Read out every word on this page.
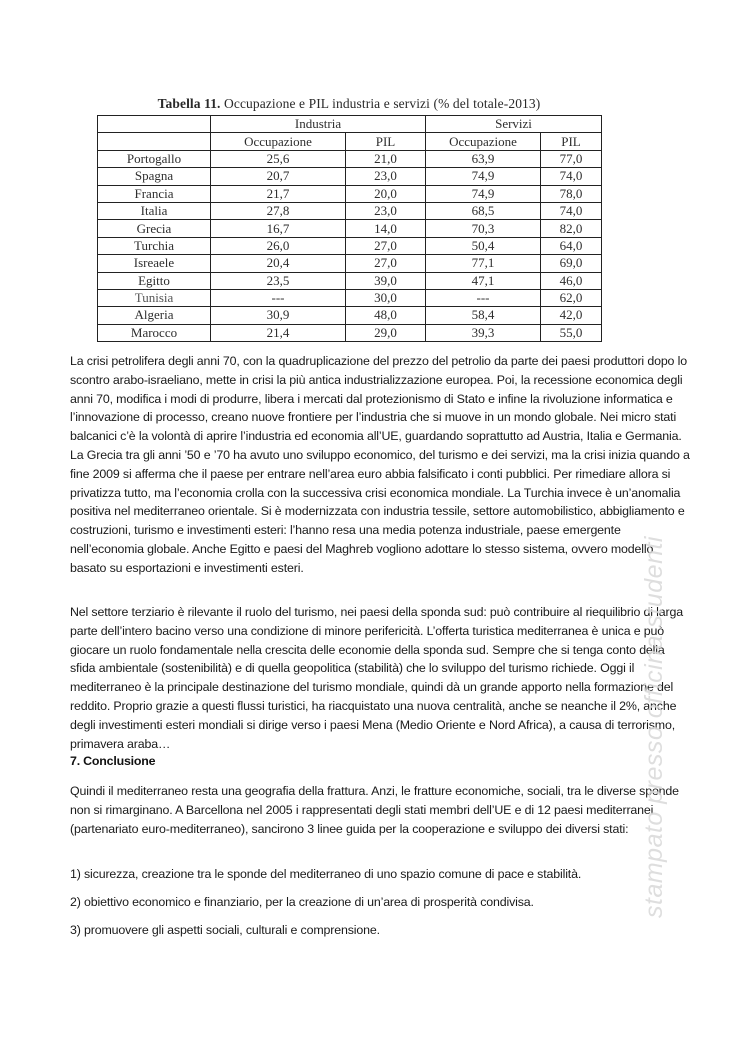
Tabella 11. Occupazione e PIL industria e servizi (% del totale-2013)
	Industria		Servizi	
	Occupazione	PIL	Occupazione	PIL
Portogallo	25,6	21,0	63,9	77,0
Spagna	20,7	23,0	74,9	74,0
Francia	21,7	20,0	74,9	78,0
Italia	27,8	23,0	68,5	74,0
Grecia	16,7	14,0	70,3	82,0
Turchia	26,0	27,0	50,4	64,0
Isreaele	20,4	27,0	77,1	69,0
Egitto	23,5	39,0	47,1	46,0
Tunisia	---	30,0	---	62,0
Algeria	30,9	48,0	58,4	42,0
Marocco	21,4	29,0	39,3	55,0

La crisi petrolifera degli anni 70, con la quadruplicazione del prezzo del petrolio da parte dei paesi produttori dopo lo scontro arabo-israeliano, mette in crisi la più antica industrializzazione europea. Poi, la recessione economica degli anni 70, modifica i modi di produrre, libera i mercati dal protezionismo di Stato e infine la rivoluzione informatica e l’innovazione di processo, creano nuove frontiere per l’industria che si muove in un mondo globale. Nei micro stati balcanici c’è la volontà di aprire l’industria ed economia all’UE, guardando soprattutto ad Austria, Italia e Germania. La Grecia tra gli anni ’50 e ’70 ha avuto uno sviluppo economico, del turismo e dei servizi, ma la crisi inizia quando a fine 2009 si afferma che il paese per entrare nell’area euro abbia falsificato i conti pubblici. Per rimediare allora si privatizza tutto, ma l’economia crolla con la successiva crisi economica mondiale. La Turchia invece è un’anomalia positiva nel mediterraneo orientale. Si è modernizzata con industria tessile, settore automobilistico, abbigliamento e costruzioni, turismo e investimenti esteri: l’hanno resa una media potenza industriale, paese emergente nell’economia globale. Anche Egitto e paesi del Maghreb vogliono adottare lo stesso sistema, ovvero modello basato su esportazioni e investimenti esteri.

Nel settore terziario è rilevante il ruolo del turismo, nei paesi della sponda sud: può contribuire al riequilibrio di larga parte dell’intero bacino verso una condizione di minore perifericità. L’offerta turistica mediterranea è unica e può giocare un ruolo fondamentale nella crescita delle economie della sponda sud. Sempre che si tenga conto della sfida ambientale (sostenibilità) e di quella geopolitica (stabilità) che lo sviluppo del turismo richiede. Oggi il mediterraneo è la principale destinazione del turismo mondiale, quindi dà un grande apporto nella formazione del reddito. Proprio grazie a questi flussi turistici, ha riacquistato una nuova centralità, anche se neanche il 2%, anche degli investimenti esteri mondiali si dirige verso i paesi Mena (Medio Oriente e Nord Africa), a causa di terrorismo, primavera araba…

7. Conclusione

Quindi il mediterraneo resta una geografia della frattura. Anzi, le fratture economiche, sociali, tra le diverse sponde non si rimarginano. A Barcellona nel 2005 i rappresentati degli stati membri dell’UE e di 12 paesi mediterranei (partenariato euro-mediterraneo), sancirono 3 linee guida per la cooperazione e sviluppo dei diversi stati:

1) sicurezza, creazione tra le sponde del mediterraneo di uno spazio comune di pace e stabilità.
2) obiettivo economico e finanziario, per la creazione di un’area di prosperità condivisa.
3) promuovere gli aspetti sociali, culturali e comprensione.
stampato presso officina studenti
